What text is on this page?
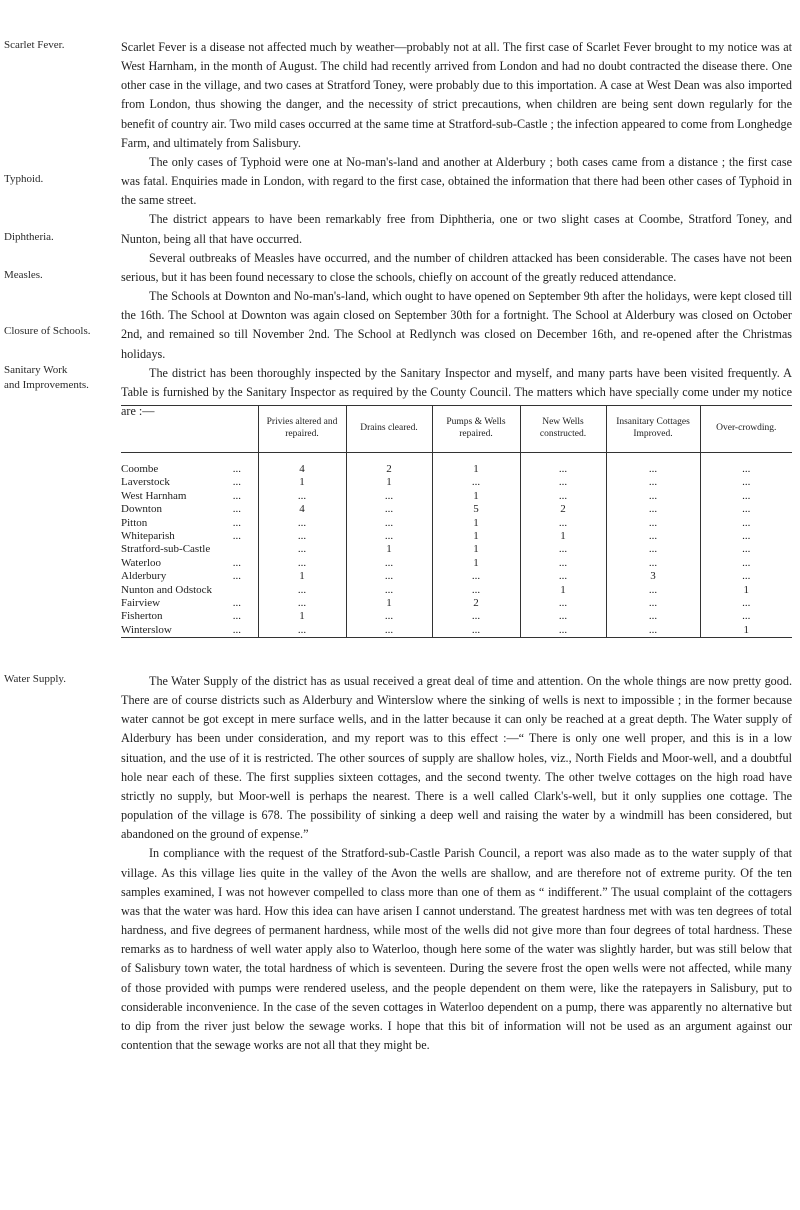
Scarlet Fever.
Typhoid.
Diphtheria.
Measles.
Closure of Schools.
Sanitary Work
and Improvements.
Water Supply.

Scarlet Fever is a disease not affected much by weather—probably not at all. The first case of Scarlet Fever brought to my notice was at West Harnham, in the month of August. The child had recently arrived from London and had no doubt contracted the disease there. One other case in the village, and two cases at Stratford Toney, were probably due to this importation. A case at West Dean was also imported from London, thus showing the danger, and the necessity of strict precautions, when children are being sent down regularly for the benefit of country air. Two mild cases occurred at the same time at Stratford-sub-Castle ; the infection appeared to come from Longhedge Farm, and ultimately from Salisbury.

The only cases of Typhoid were one at No-man's-land and another at Alderbury ; both cases came from a distance ; the first case was fatal. Enquiries made in London, with regard to the first case, obtained the information that there had been other cases of Typhoid in the same street.

The district appears to have been remarkably free from Diphtheria, one or two slight cases at Coombe, Stratford Toney, and Nunton, being all that have occurred.

Several outbreaks of Measles have occurred, and the number of children attacked has been considerable. The cases have not been serious, but it has been found necessary to close the schools, chiefly on account of the greatly reduced attendance.

The Schools at Downton and No-man's-land, which ought to have opened on September 9th after the holidays, were kept closed till the 16th. The School at Downton was again closed on September 30th for a fortnight. The School at Alderbury was closed on October 2nd, and remained so till November 2nd. The School at Redlynch was closed on December 16th, and re-opened after the Christmas holidays.

The district has been thoroughly inspected by the Sanitary Inspector and myself, and many parts have been visited frequently. A Table is furnished by the Sanitary Inspector as required by the County Council. The matters which have specially come under my notice are :—

	Privies altered and repaired.	Drains cleared.	Pumps & Wells repaired.	New Wells constructed.	Insanitary Cottages Improved.	Over-crowding.

Coombe ...	4	2	1	...	...	...
Laverstock ...	1	1	...	...	...	...
West Harnham ...	...	...	1	...	...	...
Downton ...	4	...	5	2	...	...
Pitton ...	...	...	1	...	...	...
Whiteparish ...	...	...	1	1	...	...
Stratford-sub-Castle	...	1	1	...	...	...
Waterloo ...	...	...	1	...	...	...
Alderbury ...	1	...	...	...	3	...
Nunton and Odstock	...	...	...	1	...	1
Fairview ...	...	1	2	...	...	...
Fisherton ...	1	...	...	...	...	...
Winterslow ...	...	...	...	...	...	1

The Water Supply of the district has as usual received a great deal of time and attention. On the whole things are now pretty good. There are of course districts such as Alderbury and Winterslow where the sinking of wells is next to impossible ; in the former because water cannot be got except in mere surface wells, and in the latter because it can only be reached at a great depth. The Water supply of Alderbury has been under consideration, and my report was to this effect :—“ There is only one well proper, and this is in a low situation, and the use of it is restricted. The other sources of supply are shallow holes, viz., North Fields and Moor-well, and a doubtful hole near each of these. The first supplies sixteen cottages, and the second twenty. The other twelve cottages on the high road have strictly no supply, but Moor-well is perhaps the nearest. There is a well called Clark's-well, but it only supplies one cottage. The population of the village is 678. The possibility of sinking a deep well and raising the water by a windmill has been considered, but abandoned on the ground of expense.”

In compliance with the request of the Stratford-sub-Castle Parish Council, a report was also made as to the water supply of that village. As this village lies quite in the valley of the Avon the wells are shallow, and are therefore not of extreme purity. Of the ten samples examined, I was not however compelled to class more than one of them as “ indifferent.” The usual complaint of the cottagers was that the water was hard. How this idea can have arisen I cannot understand. The greatest hardness met with was ten degrees of total hardness, and five degrees of permanent hardness, while most of the wells did not give more than four degrees of total hardness. These remarks as to hardness of well water apply also to Waterloo, though here some of the water was slightly harder, but was still below that of Salisbury town water, the total hardness of which is seventeen. During the severe frost the open wells were not affected, while many of those provided with pumps were rendered useless, and the people dependent on them were, like the ratepayers in Salisbury, put to considerable inconvenience. In the case of the seven cottages in Waterloo dependent on a pump, there was apparently no alternative but to dip from the river just below the sewage works. I hope that this bit of information will not be used as an argument against our contention that the sewage works are not all that they might be.
